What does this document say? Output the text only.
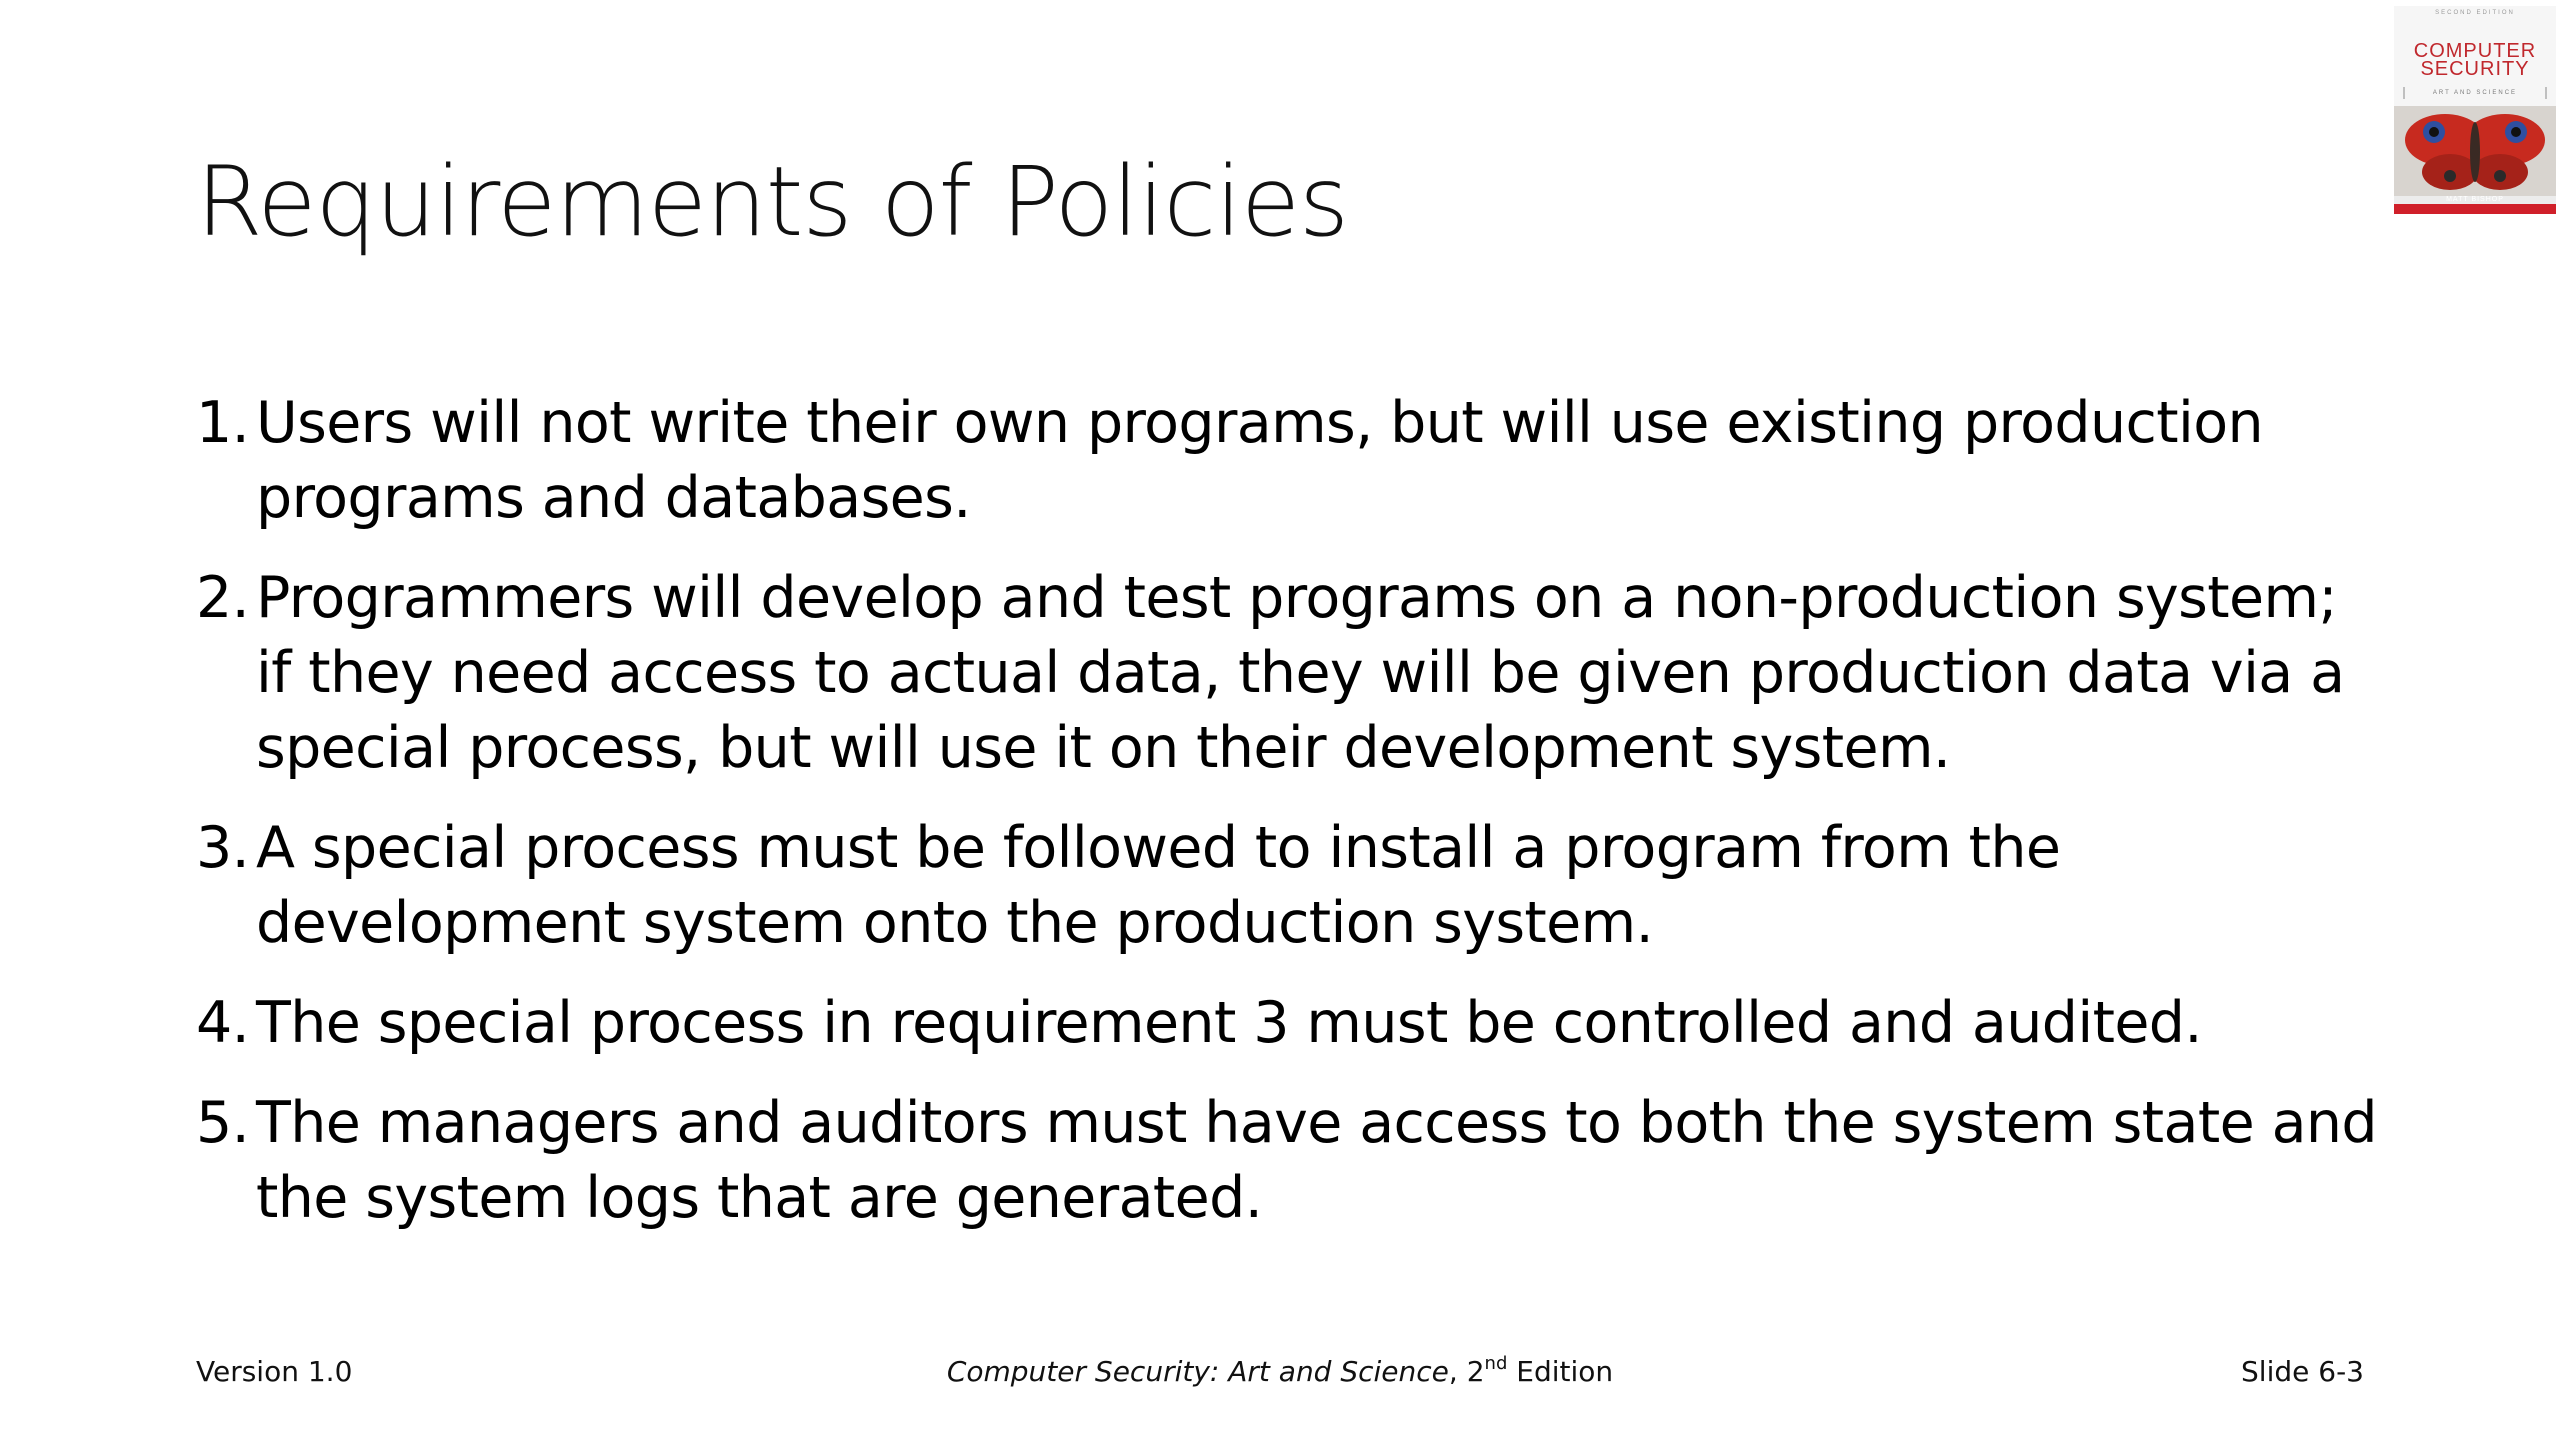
Requirements of Policies
SECOND EDITION
COMPUTER
SECURITY
ART AND SCIENCE
MATT BISHOP
1. Users will not write their own programs, but will use existing production
programs and databases.
2. Programmers will develop and test programs on a non-production system;
if they need access to actual data, they will be given production data via a
special process, but will use it on their development system.
3. A special process must be followed to install a program from the
development system onto the production system.
4. The special process in requirement 3 must be controlled and audited.
5. The managers and auditors must have access to both the system state and
the system logs that are generated.
Version 1.0	Computer Security: Art and Science, 2nd Edition	Slide 6-3
